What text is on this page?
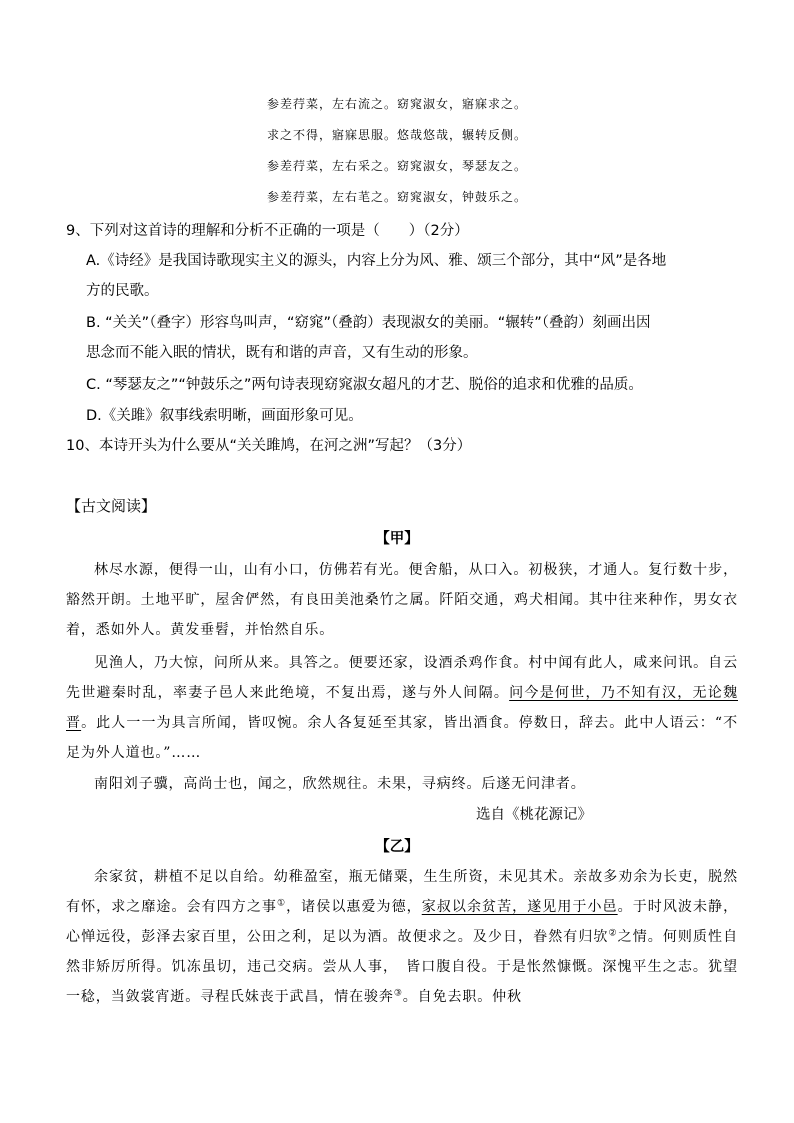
参差荇菜，左右流之。窈窕淑女，寤寐求之。
求之不得，寤寐思服。悠哉悠哉，辗转反侧。
参差荇菜，左右采之。窈窕淑女，琴瑟友之。
参差荇菜，左右芼之。窈窕淑女，钟鼓乐之。
9、下列对这首诗的理解和分析不正确的一项是（　　）（2分）
A.《诗经》是我国诗歌现实主义的源头，内容上分为风、雅、颂三个部分，其中“风”是各地
方的民歌。
B. “关关”（叠字）形容鸟叫声，“窈窕”（叠韵）表现淑女的美丽。“辗转”（叠韵）刻画出因
思念而不能入眠的情状，既有和谐的声音，又有生动的形象。
C. “琴瑟友之”“钟鼓乐之”两句诗表现窈窕淑女超凡的才艺、脱俗的追求和优雅的品质。
D.《关雎》叙事线索明晰，画面形象可见。
10、本诗开头为什么要从“关关雎鸠，在河之洲”写起？（3分）
【古文阅读】
【甲】
林尽水源，便得一山，山有小口，仿佛若有光。便舍船，从口入。初极狭，才通人。复行数十步，豁然开朗。土地平旷，屋舍俨然，有良田美池桑竹之属。阡陌交通，鸡犬相闻。其中往来种作，男女衣着，悉如外人。黄发垂髫，并怡然自乐。
见渔人，乃大惊，问所从来。具答之。便要还家，设酒杀鸡作食。村中闻有此人，咸来问讯。自云先世避秦时乱，率妻子邑人来此绝境，不复出焉，遂与外人间隔。问今是何世，乃不知有汉，无论魏晋。此人一一为具言所闻，皆叹惋。余人各复延至其家，皆出酒食。停数日，辞去。此中人语云：“不足为外人道也。”……
南阳刘子骥，高尚士也，闻之，欣然规往。未果，寻病终。后遂无问津者。
选自《桃花源记》
【乙】
余家贫，耕植不足以自给。幼稚盈室，瓶无储粟，生生所资，未见其术。亲故多劝余为长吏，脱然有怀，求之靡途。会有四方之事①，诸侯以惠爱为德，家叔以余贫苦，遂见用于小邑。于时风波未静，心惮远役，彭泽去家百里，公田之利，足以为酒。故便求之。及少日，眷然有归欤②之情。何则质性自然非矫厉所得。饥冻虽切，违己交病。尝从人事，　皆口腹自役。于是怅然慷慨。深愧平生之志。犹望一稔，当敛裳宵逝。寻程氏妹丧于武昌，情在骏奔③。自免去职。仲秋
